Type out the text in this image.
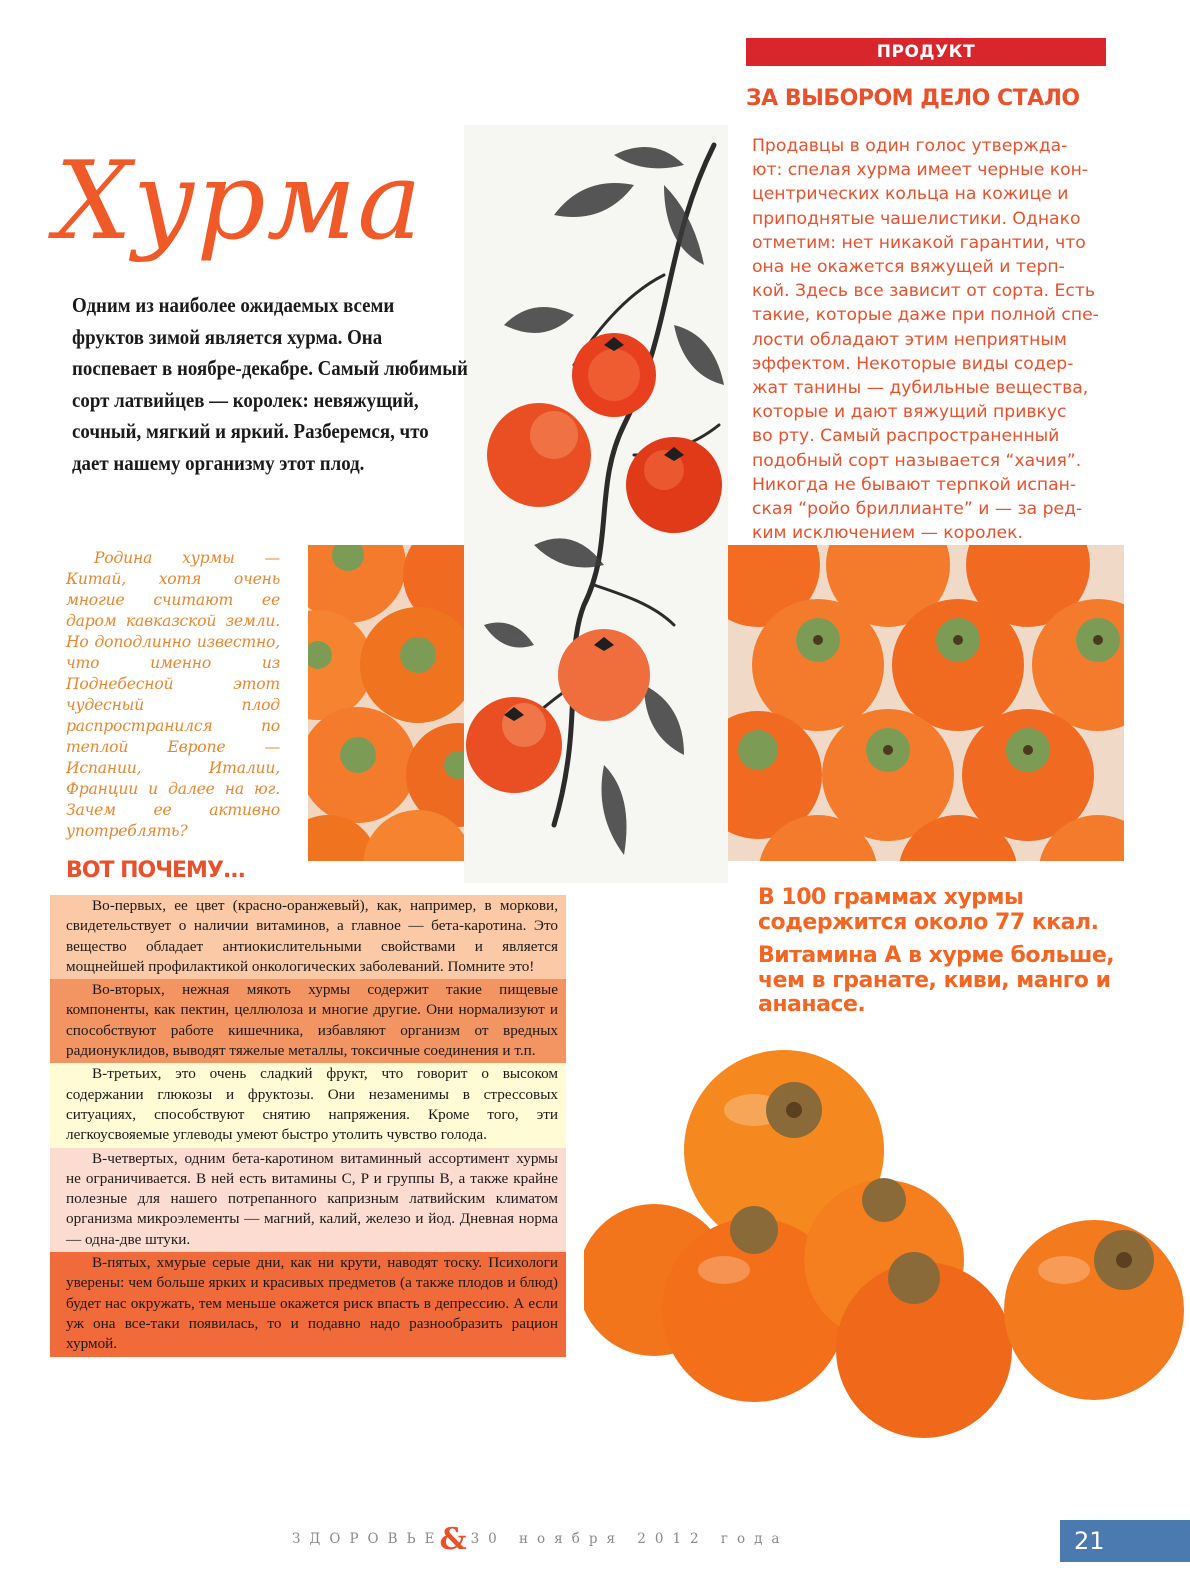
ПРОДУКТ
ЗА ВЫБОРОМ ДЕЛО СТАЛО
Продавцы в один голос утвержда-
ют: спелая хурма имеет черные кон-
центрических кольца на кожице и
приподнятые чашелистики. Однако
отметим: нет никакой гарантии, что
она не окажется вяжущей и терп-
кой. Здесь все зависит от сорта. Есть
такие, которые даже при полной спе-
лости обладают этим неприятным
эффектом. Некоторые виды содер-
жат танины — дубильные вещества,
которые и дают вяжущий привкус
во рту. Самый распространенный
подобный сорт называется “хачия”.
Никогда не бывают терпкой испан-
ская “ройо бриллианте” и — за ред-
ким исключением — королек.
Хурма
Одним из наиболее ожидаемых всеми фруктов зимой является хурма. Она поспевает в ноябре-декабре. Самый любимый сорт латвийцев — королек: невяжущий, сочный, мягкий и яркий. Разберемся, что дает нашему организму этот плод.
Родина хурмы — Китай, хотя очень многие считают ее даром кавказской земли. Но доподлинно известно, что именно из Поднебесной этот чудесный плод распространился по теплой Европе — Испании, Италии, Франции и далее на юг. Зачем ее активно употреблять?
ВОТ ПОЧЕМУ...
Во-первых, ее цвет (красно-оранжевый), как, например, в моркови, свидетельствует о наличии витаминов, а главное — бета-каротина. Это вещество обладает антиокислительными свойствами и является мощнейшей профилактикой онкологических заболеваний. Помните это!
Во-вторых, нежная мякоть хурмы содержит такие пищевые компоненты, как пектин, целлюлоза и многие другие. Они нормализуют и способствуют работе кишечника, избавляют организм от вредных радионуклидов, выводят тяжелые металлы, токсичные соединения и т.п.
В-третьих, это очень сладкий фрукт, что говорит о высоком содержании глюкозы и фруктозы. Они незаменимы в стрессовых ситуациях, способствуют снятию напряжения. Кроме того, эти легкоусвояемые углеводы умеют быстро утолить чувство голода.
В-четвертых, одним бета-каротином витаминный ассортимент хурмы не ограничивается. В ней есть витамины C, P и группы B, а также крайне полезные для нашего потрепанного капризным латвийским климатом организма микроэлементы — магний, калий, железо и йод. Дневная норма — одна-две штуки.
В-пятых, хмурые серые дни, как ни крути, наводят тоску. Психологи уверены: чем больше ярких и красивых предметов (а также плодов и блюд) будет нас окружать, тем меньше окажется риск впасть в депрессию. А если уж она все-таки появилась, то и подавно надо разнообразить рацион хурмой.
В 100 граммах хурмы содержится около 77 ккал.
Витамина А в хурме больше, чем в гранате, киви, манго и ананасе.
ЗДОРОВЬЕ& 30 ноября 2012 года	21
